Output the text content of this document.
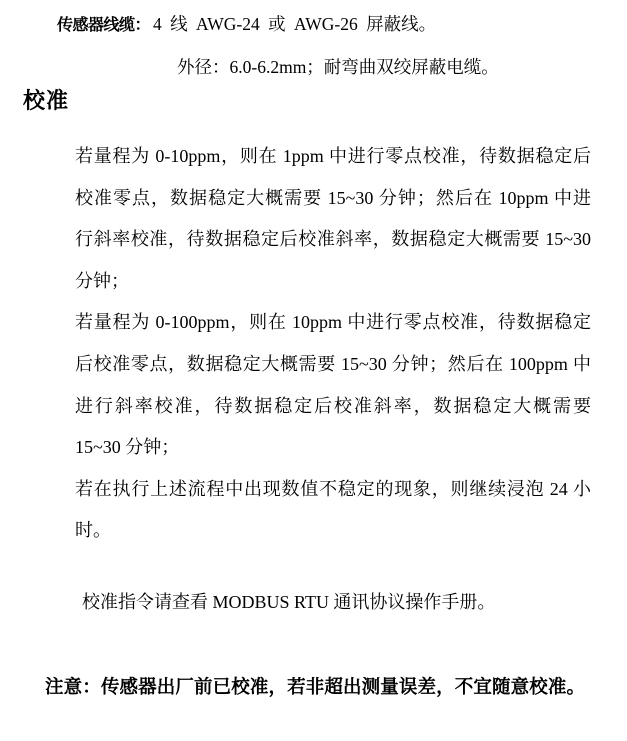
传感器线缆： 4 线 AWG-24 或 AWG-26 屏蔽线。
外径：6.0-6.2mm；耐弯曲双绞屏蔽电缆。
校准
若量程为 0-10ppm，则在 1ppm 中进行零点校准，待数据稳定后
校准零点，数据稳定大概需要 15~30 分钟；然后在 10ppm 中进
行斜率校准，待数据稳定后校准斜率，数据稳定大概需要 15~30
分钟；
若量程为 0-100ppm，则在 10ppm 中进行零点校准，待数据稳定
后校准零点，数据稳定大概需要 15~30 分钟；然后在 100ppm 中
进行斜率校准，待数据稳定后校准斜率，数据稳定大概需要
15~30 分钟；
若在执行上述流程中出现数值不稳定的现象，则继续浸泡 24 小
时。
校准指令请查看 MODBUS RTU 通讯协议操作手册。
注意：传感器出厂前已校准，若非超出测量误差，不宜随意校准。
